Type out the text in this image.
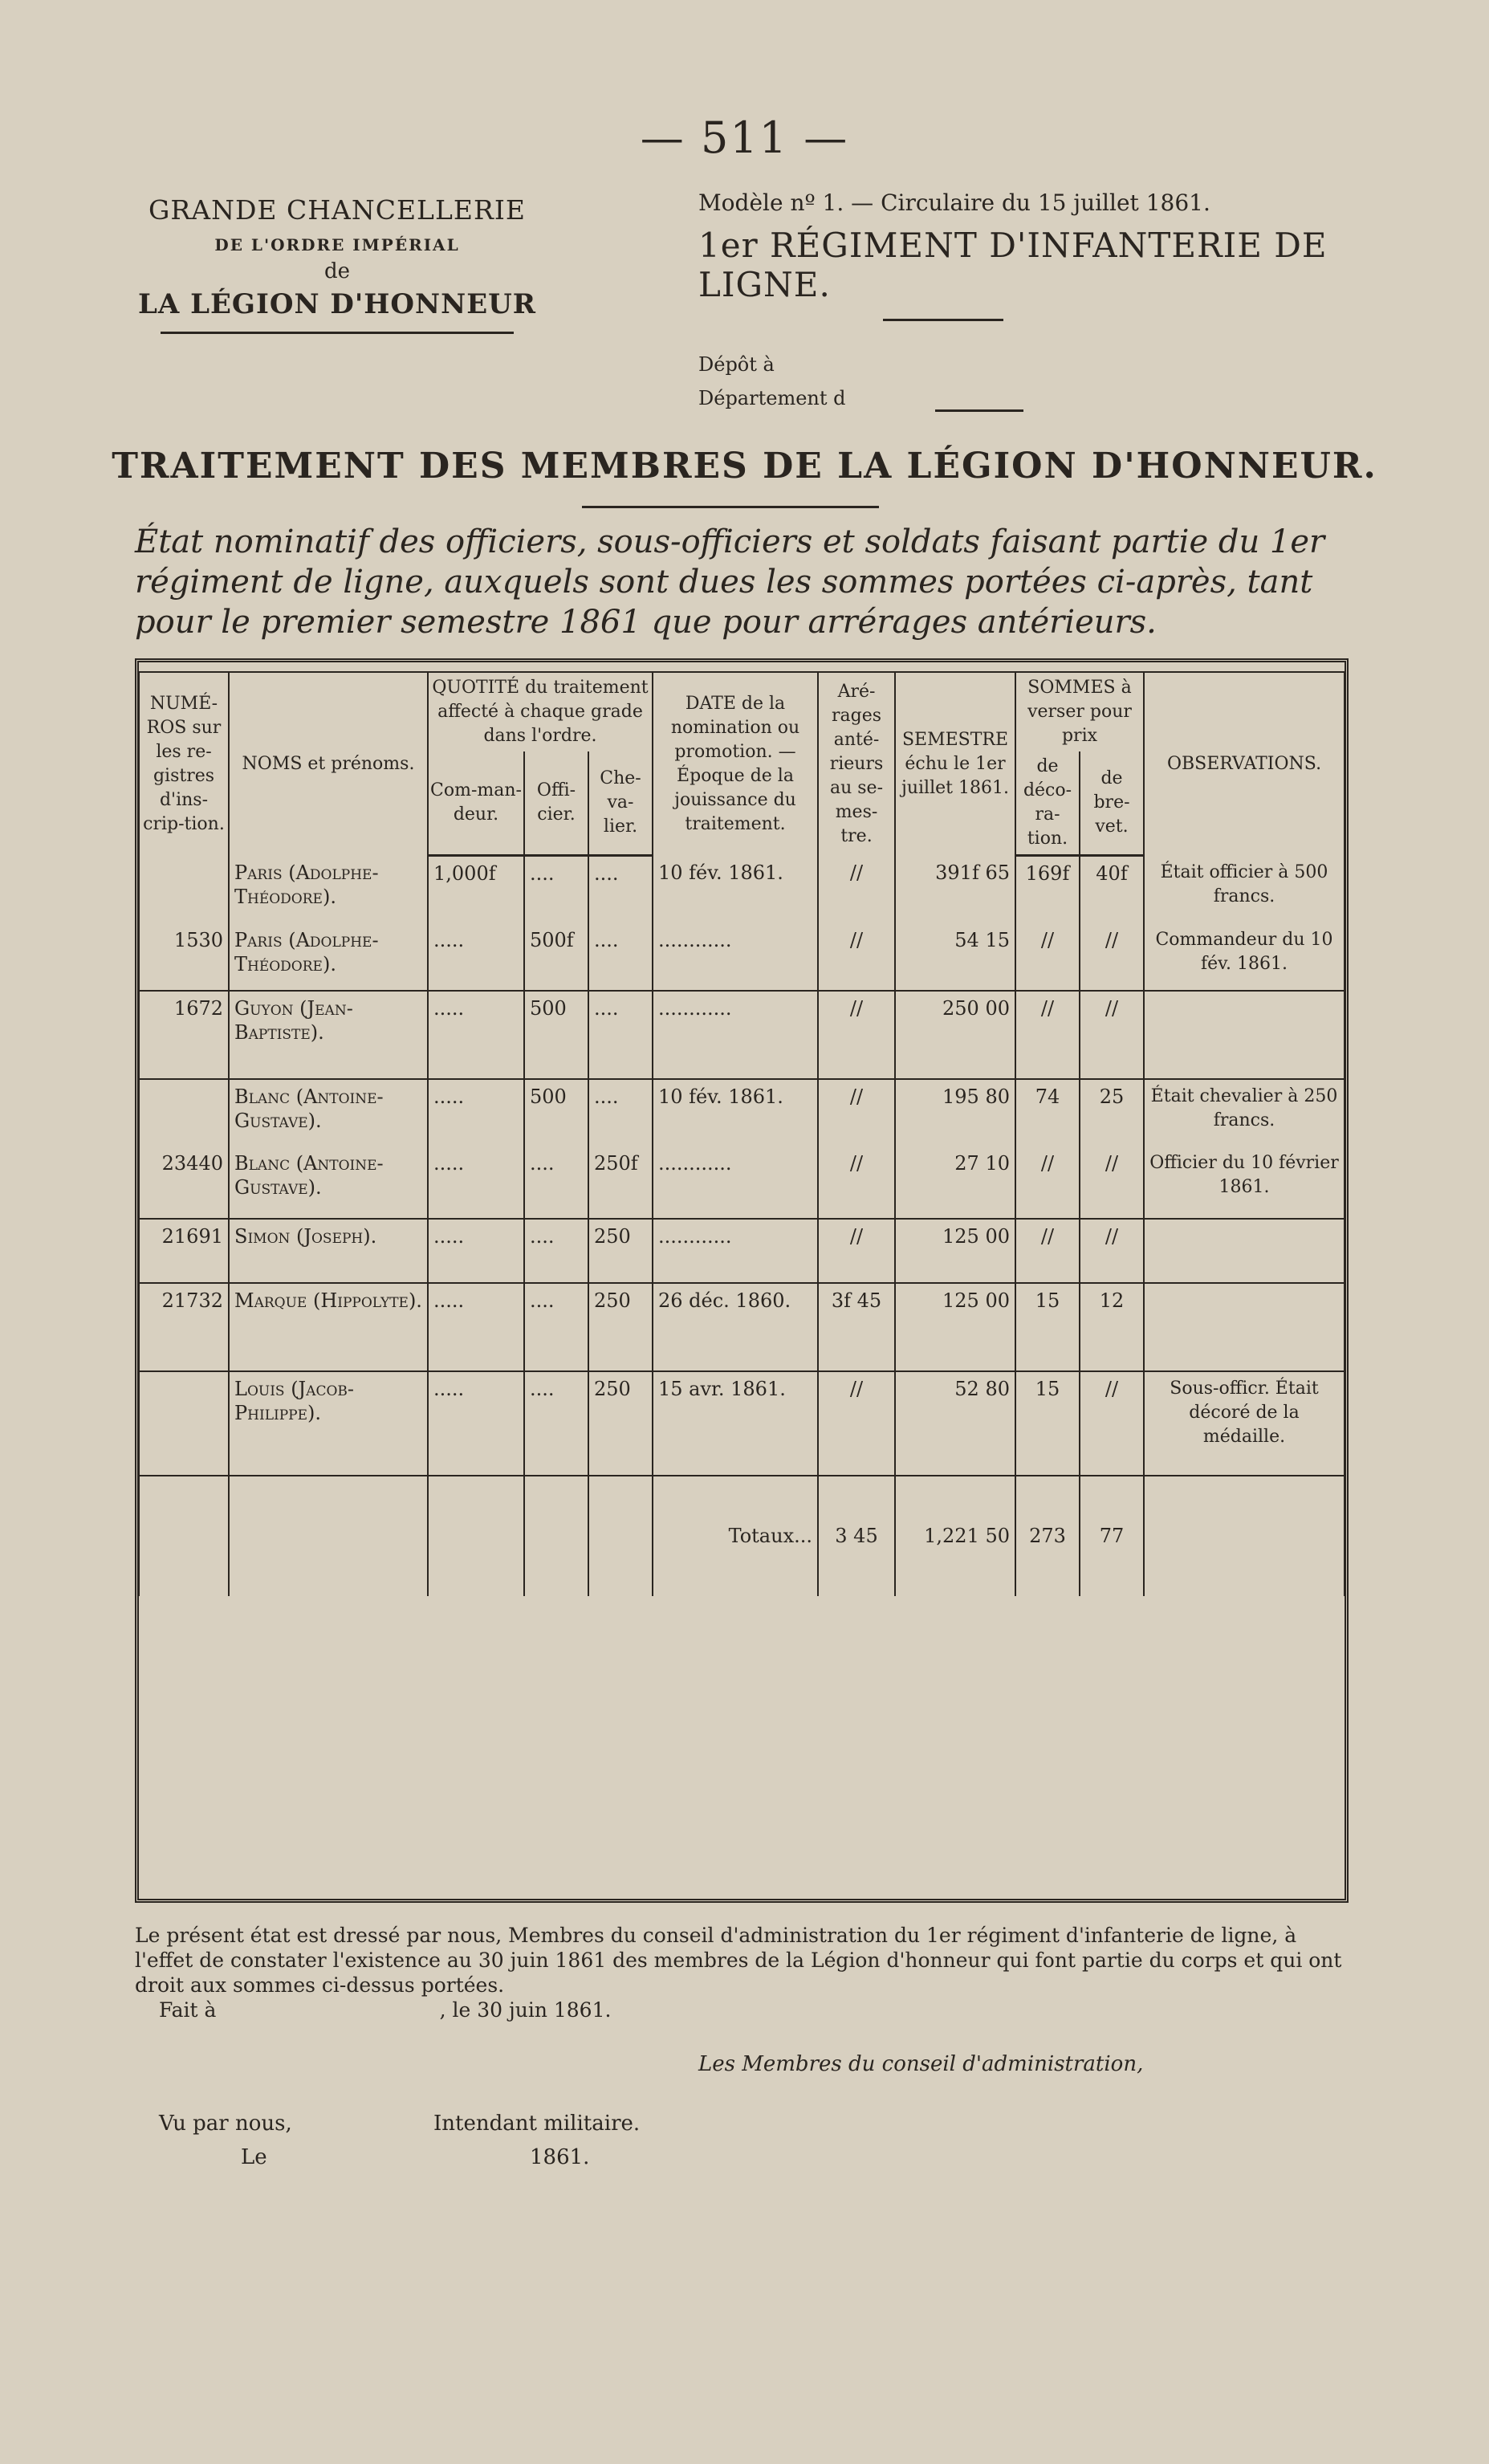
— 511 —
GRANDE CHANCELLERIE
DE L'ORDRE IMPÉRIAL
de
LA LÉGION D'HONNEUR
Modèle nº 1. — Circulaire du 15 juillet 1861.
1er RÉGIMENT D'INFANTERIE DE LIGNE.
Dépôt à
Département d
TRAITEMENT DES MEMBRES DE LA LÉGION D'HONNEUR.
État nominatif des officiers, sous-officiers et soldats faisant partie du 1er régiment de ligne, auxquels sont dues les sommes portées ci-après, tant pour le premier semestre 1861 que pour arrérages antérieurs.
NUMÉ-ROS sur les re-gistres d'ins-crip-tion.	NOMS et prénoms.	QUOTITÉ du traitement affecté à chaque grade dans l'ordre.			DATE de la nomination ou promotion. — Époque de la jouissance du traitement.	Aré-rages anté-rieurs au se-mes-tre.	SEMESTRE échu le 1er juillet 1861.	SOMMES à verser pour prix		OBSERVATIONS.
		Com-man-deur.	Offi-cier.	Che-va-lier.				de déco-ra-tion.	de bre-vet.	
	Paris (Adolphe-Théodore).	1,000f	....	....	10 fév. 1861.	//	391f 65	169f	40f	Était officier à 500 francs.
1530	Paris (Adolphe-Théodore).	.....	500f	....	............	//	54 15	//	//	Commandeur du 10 fév. 1861.
1672	Guyon (Jean-Baptiste).	.....	500	....	............	//	250 00	//	//	
	Blanc (Antoine-Gustave).	.....	500	....	10 fév. 1861.	//	195 80	74	25	Était chevalier à 250 francs.
23440	Blanc (Antoine-Gustave).	.....	....	250f	............	//	27 10	//	//	Officier du 10 février 1861.
21691	Simon (Joseph).	.....	....	250	............	//	125 00	//	//	
21732	Marque (Hippolyte).	.....	....	250	26 déc. 1860.	3f 45	125 00	15	12	
	Louis (Jacob-Philippe).	.....	....	250	15 avr. 1861.	//	52 80	15	//	Sous-officr. Était décoré de la médaille.
					Totaux...	3 45	1,221 50	273	77	
Le présent état est dressé par nous, Membres du conseil d'administration du 1er régiment d'infanterie de ligne, à l'effet de constater l'existence au 30 juin 1861 des membres de la Légion d'honneur qui font partie du corps et qui ont droit aux sommes ci-dessus portées.
Fait à                                   , le 30 juin 1861.
Les Membres du conseil d'administration,
Vu par nous,	Intendant militaire.
Le	1861.
